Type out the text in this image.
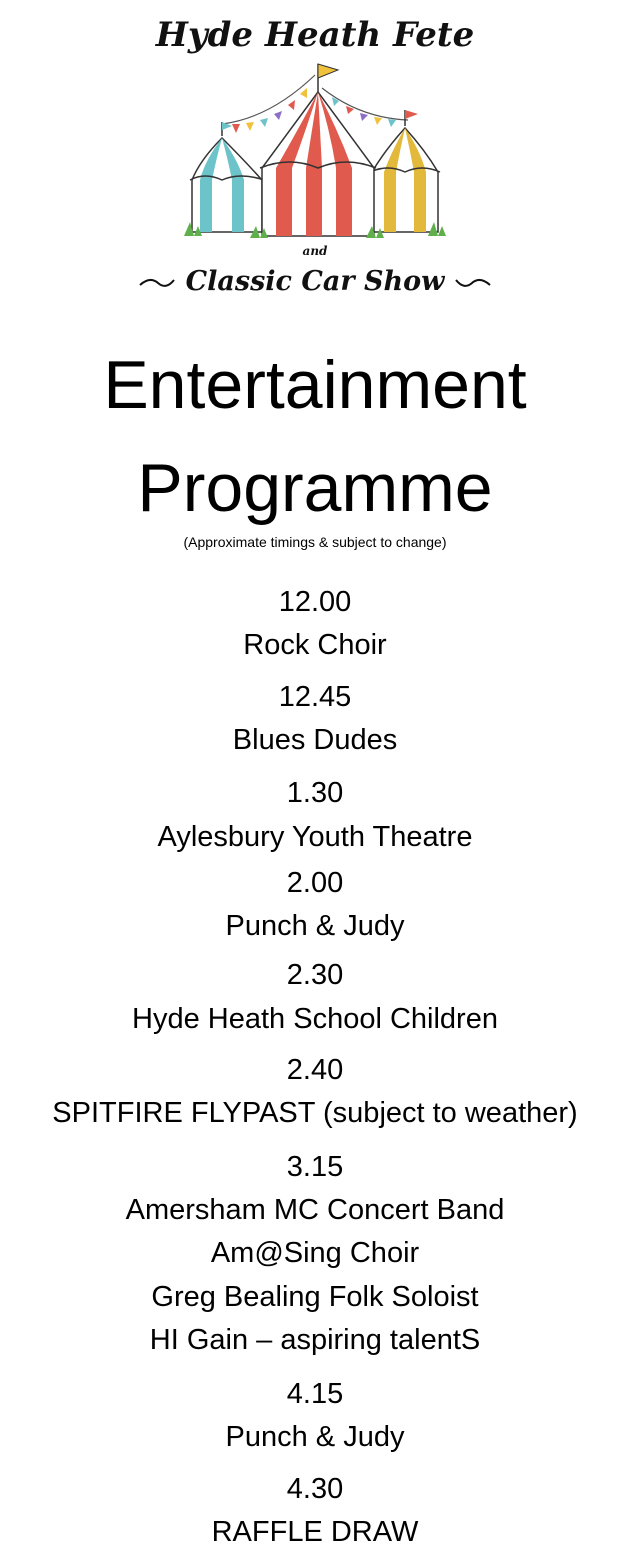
Hyde Heath Fete
and
Classic Car Show
Entertainment
Programme
(Approximate timings & subject to change)
12.00
Rock Choir
12.45
Blues Dudes
1.30
Aylesbury Youth Theatre
2.00
Punch & Judy
2.30
Hyde Heath School Children
2.40
SPITFIRE FLYPAST (subject to weather)
3.15
Amersham MC Concert Band
Am@Sing Choir
Greg Bealing Folk Soloist
HI Gain – aspiring talentS
4.15
Punch & Judy
4.30
RAFFLE DRAW
